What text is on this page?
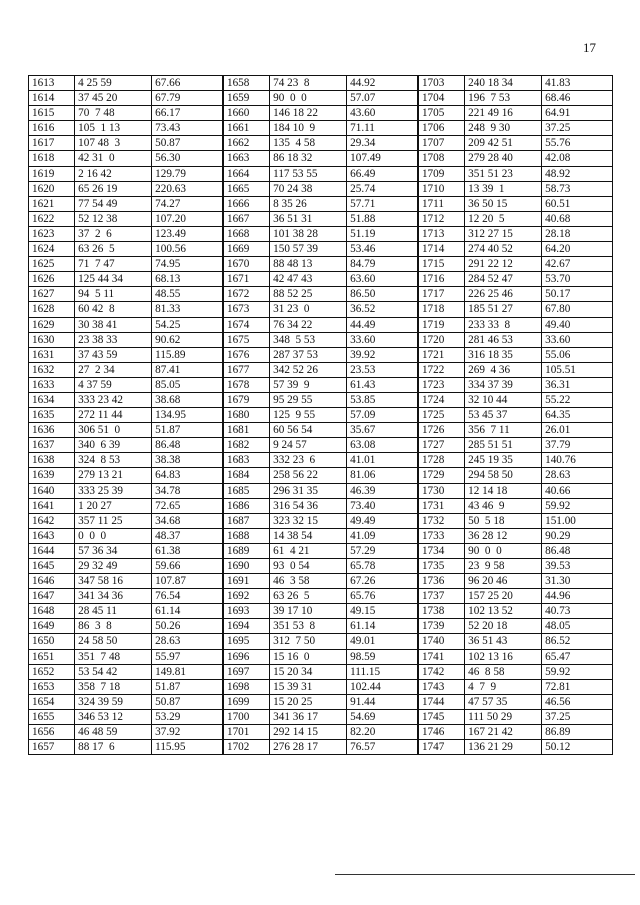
17
1613	4 25 59	67.66	1658	74 23  8	44.92	1703	240 18 34	41.83
1614	37 45 20	67.79	1659	90  0  0	57.07	1704	196  7 53	68.46
1615	70  7 48	66.17	1660	146 18 22	43.60	1705	221 49 16	64.91
1616	105  1 13	73.43	1661	184 10  9	71.11	1706	248  9 30	37.25
1617	107 48  3	50.87	1662	135  4 58	29.34	1707	209 42 51	55.76
1618	42 31  0	56.30	1663	86 18 32	107.49	1708	279 28 40	42.08
1619	2 16 42	129.79	1664	117 53 55	66.49	1709	351 51 23	48.92
1620	65 26 19	220.63	1665	70 24 38	25.74	1710	13 39  1	58.73
1621	77 54 49	74.27	1666	8 35 26	57.71	1711	36 50 15	60.51
1622	52 12 38	107.20	1667	36 51 31	51.88	1712	12 20  5	40.68
1623	37  2  6	123.49	1668	101 38 28	51.19	1713	312 27 15	28.18
1624	63 26  5	100.56	1669	150 57 39	53.46	1714	274 40 52	64.20
1625	71  7 47	74.95	1670	88 48 13	84.79	1715	291 22 12	42.67
1626	125 44 34	68.13	1671	42 47 43	63.60	1716	284 52 47	53.70
1627	94  5 11	48.55	1672	88 52 25	86.50	1717	226 25 46	50.17
1628	60 42  8	81.33	1673	31 23  0	36.52	1718	185 51 27	67.80
1629	30 38 41	54.25	1674	76 34 22	44.49	1719	233 33  8	49.40
1630	23 38 33	90.62	1675	348  5 53	33.60	1720	281 46 53	33.60
1631	37 43 59	115.89	1676	287 37 53	39.92	1721	316 18 35	55.06
1632	27  2 34	87.41	1677	342 52 26	23.53	1722	269  4 36	105.51
1633	4 37 59	85.05	1678	57 39  9	61.43	1723	334 37 39	36.31
1634	333 23 42	38.68	1679	95 29 55	53.85	1724	32 10 44	55.22
1635	272 11 44	134.95	1680	125  9 55	57.09	1725	53 45 37	64.35
1636	306 51  0	51.87	1681	60 56 54	35.67	1726	356  7 11	26.01
1637	340  6 39	86.48	1682	9 24 57	63.08	1727	285 51 51	37.79
1638	324  8 53	38.38	1683	332 23  6	41.01	1728	245 19 35	140.76
1639	279 13 21	64.83	1684	258 56 22	81.06	1729	294 58 50	28.63
1640	333 25 39	34.78	1685	296 31 35	46.39	1730	12 14 18	40.66
1641	1 20 27	72.65	1686	316 54 36	73.40	1731	43 46  9	59.92
1642	357 11 25	34.68	1687	323 32 15	49.49	1732	50  5 18	151.00
1643	0  0  0	48.37	1688	14 38 54	41.09	1733	36 28 12	90.29
1644	57 36 34	61.38	1689	61  4 21	57.29	1734	90  0  0	86.48
1645	29 32 49	59.66	1690	93  0 54	65.78	1735	23  9 58	39.53
1646	347 58 16	107.87	1691	46  3 58	67.26	1736	96 20 46	31.30
1647	341 34 36	76.54	1692	63 26  5	65.76	1737	157 25 20	44.96
1648	28 45 11	61.14	1693	39 17 10	49.15	1738	102 13 52	40.73
1649	86  3  8	50.26	1694	351 53  8	61.14	1739	52 20 18	48.05
1650	24 58 50	28.63	1695	312  7 50	49.01	1740	36 51 43	86.52
1651	351  7 48	55.97	1696	15 16  0	98.59	1741	102 13 16	65.47
1652	53 54 42	149.81	1697	15 20 34	111.15	1742	46  8 58	59.92
1653	358  7 18	51.87	1698	15 39 31	102.44	1743	4  7  9	72.81
1654	324 39 59	50.87	1699	15 20 25	91.44	1744	47 57 35	46.56
1655	346 53 12	53.29	1700	341 36 17	54.69	1745	111 50 29	37.25
1656	46 48 59	37.92	1701	292 14 15	82.20	1746	167 21 42	86.89
1657	88 17  6	115.95	1702	276 28 17	76.57	1747	136 21 29	50.12
